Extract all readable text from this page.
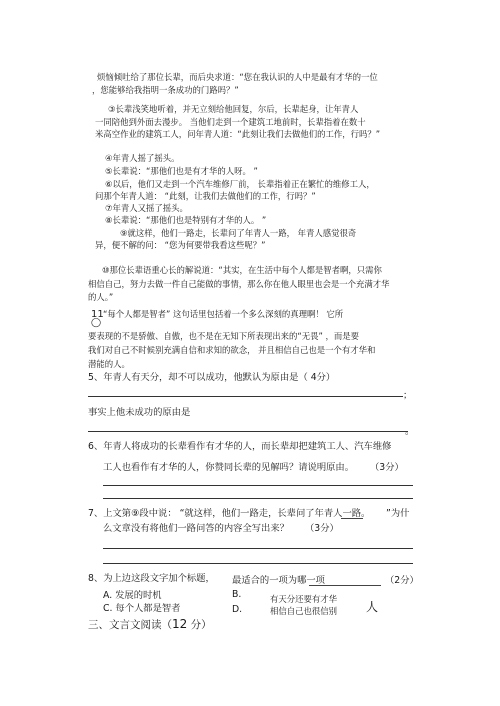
烦恼倾吐给了那位长辈，而后央求道：“您在我认识的人中是最有才华的一位
，您能够给我指明一条成功的门路吗？”
③长辈浅笑地听着，并无立刻给他回复，尔后，长辈起身，让年青人
一同陪他到外面去漫步。 当他们走到一个建筑工地前时，长辈指着在数十
米高空作业的建筑工人，问年青人道：“此刻让我们去做他们的工作，行吗？”
④年青人摇了摇头。
⑤长辈说：“那他们也是有才华的人呀。 ”
⑥以后，他们又走到一个汽车维修厂前， 长辈指着正在繁忙的维修工人，
问那个年青人道： “此刻，让我们去做他们的工作，行吗？”
⑦年青人又摇了摇头。
⑧长辈说：“那他们也是特别有才华的人。 ”
⑨就这样，他们一路走，长辈问了年青人一路， 年青人感觉很奇
异，便不解的问： “您为何要带我看这些呢？”
⑩那位长辈语重心长的解说道：“其实，在生活中每个人都是智者啊，只需你
相信自己，努力去做一件自己能做的事情，那么你在他人眼里也会是一个充满才华
的人。”
11 “每个人都是智者” 这句话里包括着一个多么深刻的真理啊！ 它所
◯
要表现的不是骄傲、自傲，也不是在无知下所表现出来的“无畏” ，而是要
我们对自己不时候别充满自信和求知的欲念， 并且相信自己也是一个有才华和
潜能的人。
5、年青人有天分，却不可以成功，他默认为原由是（ 4分）
；
事实上他未成功的原由是
。
6、年青人将成功的长辈看作有才华的人，而长辈却把建筑工人、汽车维修
工人也看作有才华的人，你赞同长辈的见解吗？请说明原由。 （3分）
7、上文第⑨段中说： “就这样，他们一路走，长辈问了年青人一路。 ”为什
么文章没有将他们一路问答的内容全写出来？ （3分）
8、为上边这段文字加个标题， 最适合的一项为哪一项	（2分）
A. 发展的时机	B.	有天分还要有才华
C. 每个人都是智者	D.	相信自己也很信别 人
三、文言文阅读（12 分）
